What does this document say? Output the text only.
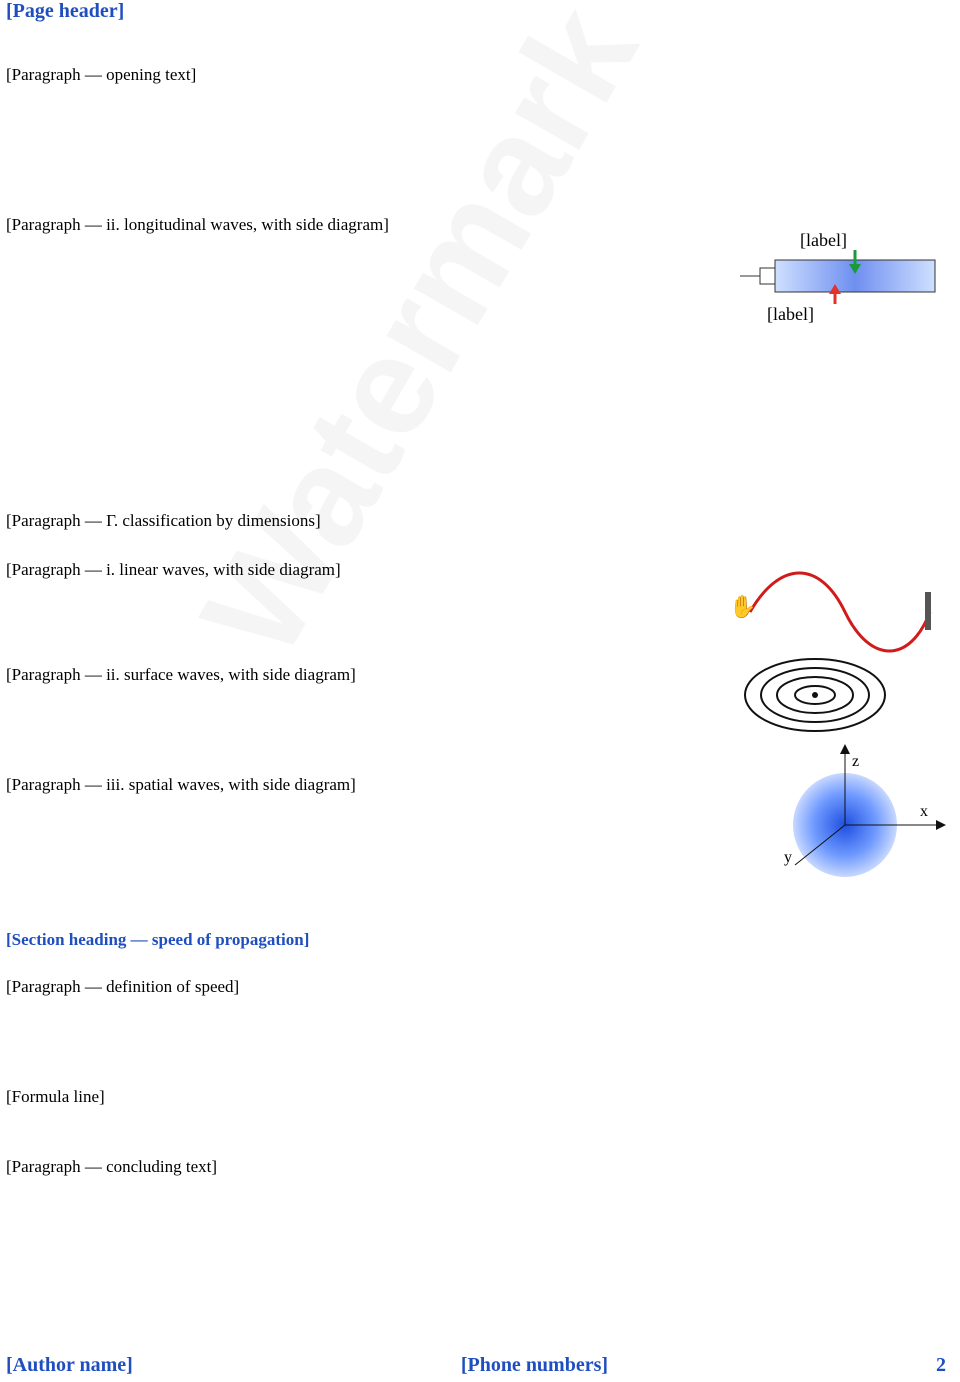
[Page header]
[Paragraph — opening text]
[Paragraph — ii. longitudinal waves, with side diagram]
[label]
[label]
[Paragraph — Γ. classification by dimensions]
[Paragraph — i. linear waves, with side diagram]
✋
[Paragraph — ii. surface waves, with side diagram]
[Paragraph — iii. spatial waves, with side diagram]
z
x
y
[Section heading — speed of propagation]
[Paragraph — definition of speed]
[Formula line]
[Paragraph — concluding text]
[Author name]	[Phone numbers]	2
